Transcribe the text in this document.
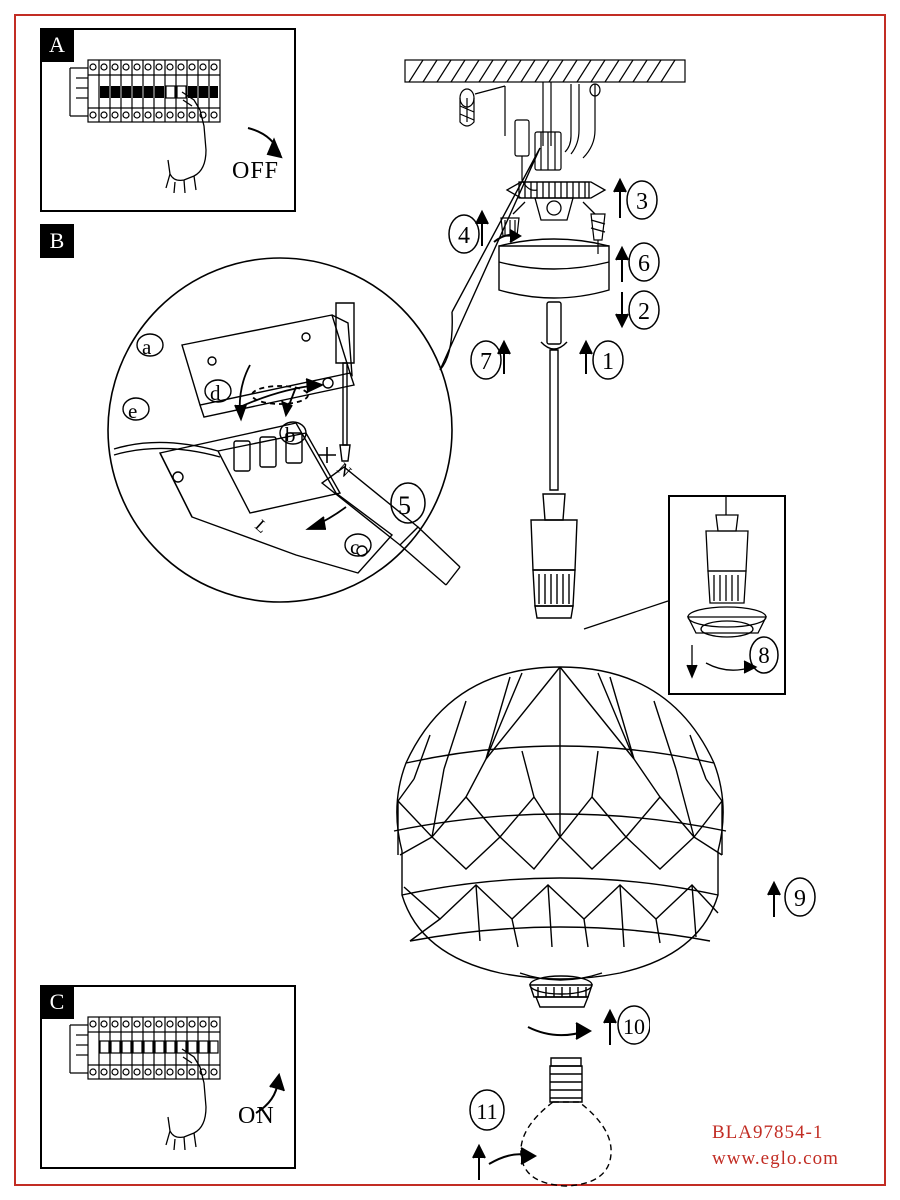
A
OFF
B
N
L
a
b
c
d
e
5
3
4
6
2
7	1
8
9
10
11
C
ON
BLA97854-1
www.eglo.com
